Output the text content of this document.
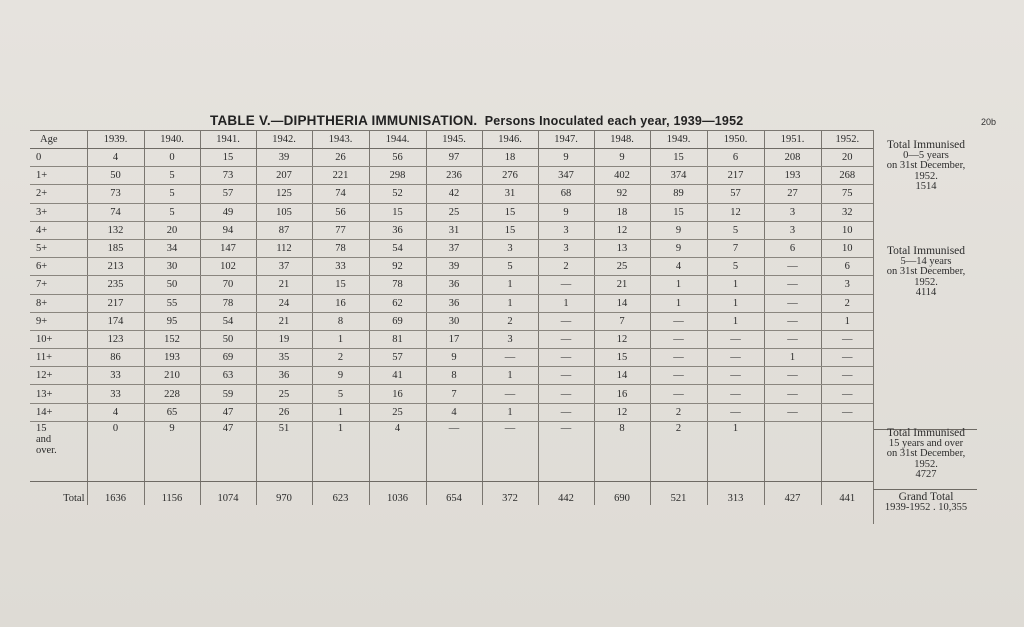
TABLE V.—DIPHTHERIA IMMUNISATION. Persons Inoculated each year, 1939—1952	20b
Age	1939.	1940.	1941.	1942.	1943.	1944.	1945.	1946.	1947.	1948.	1949.	1950.	1951.	1952.
0	4	0	15	39	26	56	97	18	9	9	15	6	208	20
1+	50	5	73	207	221	298	236	276	347	402	374	217	193	268
2+	73	5	57	125	74	52	42	31	68	92	89	57	27	75
3+	74	5	49	105	56	15	25	15	9	18	15	12	3	32
4+	132	20	94	87	77	36	31	15	3	12	9	5	3	10
5+	185	34	147	112	78	54	37	3	3	13	9	7	6	10
6+	213	30	102	37	33	92	39	5	2	25	4	5	—	6
7+	235	50	70	21	15	78	36	1	—	21	1	1	—	3
8+	217	55	78	24	16	62	36	1	1	14	1	1	—	2
9+	174	95	54	21	8	69	30	2	—	7	—	1	—	1
10+	123	152	50	19	1	81	17	3	—	12	—	—	—	—
11+	86	193	69	35	2	57	9	—	—	15	—	—	1	—
12+	33	210	63	36	9	41	8	1	—	14	—	—	—	—
13+	33	228	59	25	5	16	7	—	—	16	—	—	—	—
14+	4	65	47	26	1	25	4	1	—	12	2	—	—	—

15
and
over.	0	9	47	51	1	4	—	—	—	8	2	1		
Total	1636	1156	1074	970	623	1036	654	372	442	690	521	313	427	441
Total Immunised
0—5 years
on 31st December,
1952.
1514
Total Immunised
5—14 years
on 31st December,
1952.
4114
Total Immunised
15 years and over
on 31st December,
1952.
4727
Grand Total
1939-1952 . 10,355
